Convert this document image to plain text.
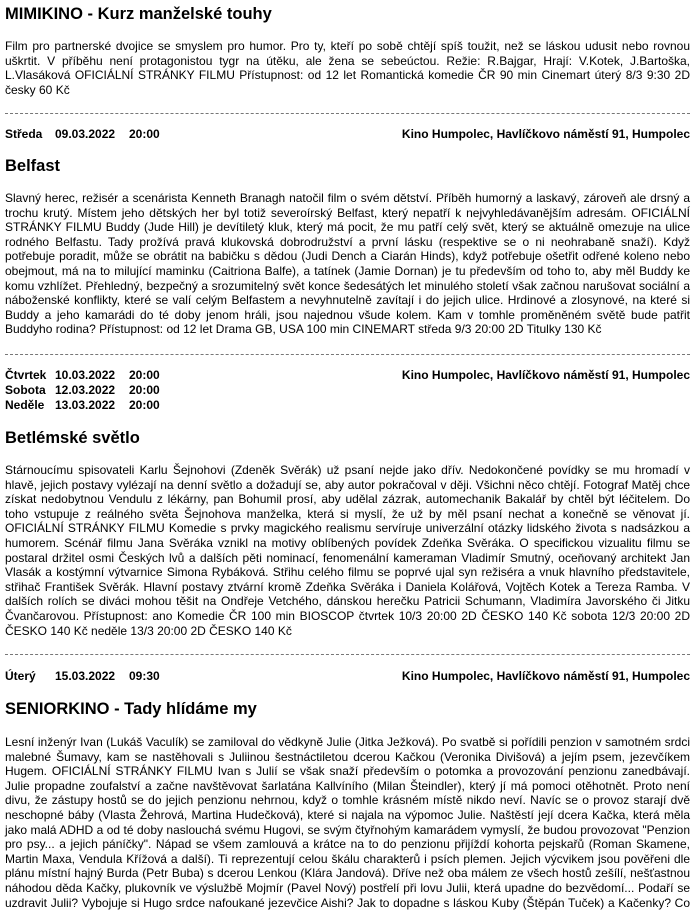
MIMIKINO - Kurz manželské touhy
Film pro partnerské dvojice se smyslem pro humor. Pro ty, kteří po sobě chtějí spíš toužit, než se láskou udusit nebo rovnou
uškrtit. V příběhu není protagonistou tygr na útěku, ale žena se sebeúctou. Režie: R.Bajgar, Hrají: V.Kotek, J.Bartoška,
L.Vlasáková OFICIÁLNÍ STRÁNKY FILMU Přístupnost: od 12 let Romantická komedie ČR 90 min Cinemart úterý 8/3 9:30 2D
česky 60 Kč
Středa 09.03.2022 20:00	Kino Humpolec, Havlíčkovo náměstí 91, Humpolec
Belfast
Slavný herec, režisér a scenárista Kenneth Branagh natočil film o svém dětství. Příběh humorný a laskavý, zároveň ale drsný a
trochu krutý. Místem jeho dětských her byl totiž severoírský Belfast, který nepatří k nejvyhledávanějším adresám. OFICIÁLNÍ
STRÁNKY FILMU Buddy (Jude Hill) je devítiletý kluk, který má pocit, že mu patří celý svět, který se aktuálně omezuje na ulice
rodného Belfastu. Tady prožívá pravá klukovská dobrodružství a první lásku (respektive se o ni neohrabaně snaží). Když
potřebuje poradit, může se obrátit na babičku s dědou (Judi Dench a Ciarán Hinds), když potřebuje ošetřit odřené koleno nebo
obejmout, má na to milující maminku (Caitriona Balfe), a tatínek (Jamie Dornan) je tu především od toho to, aby měl Buddy ke
komu vzhlížet. Přehledný, bezpečný a srozumitelný svět konce šedesátých let minulého století však začnou narušovat sociální a
náboženské konflikty, které se valí celým Belfastem a nevyhnutelně zavítají i do jejich ulice. Hrdinové a zlosynové, na které si
Buddy a jeho kamarádi do té doby jenom hráli, jsou najednou všude kolem. Kam v tomhle proměněném světě bude patřit
Buddyho rodina? Přístupnost: od 12 let Drama GB, USA 100 min CINEMART středa 9/3 20:00 2D Titulky 130 Kč
Čtvrtek 10.03.2022 20:00
Sobota 12.03.2022 20:00
Neděle 13.03.2022 20:00
Kino Humpolec, Havlíčkovo náměstí 91, Humpolec
Betlémské světlo
Stárnoucímu spisovateli Karlu Šejnohovi (Zdeněk Svěrák) už psaní nejde jako dřív. Nedokončené povídky se mu hromadí v
hlavě, jejich postavy vylézají na denní světlo a dožadují se, aby autor pokračoval v ději. Všichni něco chtějí. Fotograf Matěj chce
získat nedobytnou Vendulu z lékárny, pan Bohumil prosí, aby udělal zázrak, automechanik Bakalář by chtěl být léčitelem. Do
toho vstupuje z reálného světa Šejnohova manželka, která si myslí, že už by měl psaní nechat a konečně se věnovat jí.
OFICIÁLNÍ STRÁNKY FILMU Komedie s prvky magického realismu servíruje univerzální otázky lidského života s nadsázkou a
humorem. Scénář filmu Jana Svěráka vznikl na motivy oblíbených povídek Zdeňka Svěráka. O specifickou vizualitu filmu se
postaral držitel osmi Českých lvů a dalších pěti nominací, fenomenální kameraman Vladimír Smutný, oceňovaný architekt Jan
Vlasák a kostýmní výtvarnice Simona Rybáková. Střihu celého filmu se poprvé ujal syn režiséra a vnuk hlavního představitele,
střihač František Svěrák. Hlavní postavy ztvární kromě Zdeňka Svěráka i Daniela Kolářová, Vojtěch Kotek a Tereza Ramba. V
dalších rolích se diváci mohou těšit na Ondřeje Vetchého, dánskou herečku Patricii Schumann, Vladimíra Javorského či Jitku
Čvančarovou. Přístupnost: ano Komedie ČR 100 min BIOSCOP čtvrtek 10/3 20:00 2D ČESKO 140 Kč sobota 12/3 20:00 2D
ČESKO 140 Kč neděle 13/3 20:00 2D ČESKO 140 Kč
Úterý 15.03.2022 09:30	Kino Humpolec, Havlíčkovo náměstí 91, Humpolec
SENIORKINO - Tady hlídáme my
Lesní inženýr Ivan (Lukáš Vaculík) se zamiloval do vědkyně Julie (Jitka Ježková). Po svatbě si pořídili penzion v samotném srdci
malebné Šumavy, kam se nastěhovali s Juliinou šestnáctiletou dcerou Kačkou (Veronika Divišová) a jejím psem, jezevčíkem
Hugem. OFICIÁLNÍ STRÁNKY FILMU Ivan s Julií se však snaží především o potomka a provozování penzionu zanedbávají.
Julie propadne zoufalství a začne navštěvovat šarlatána Kallvíního (Milan Šteindler), který jí má pomoci otěhotnět. Proto není
divu, že zástupy hostů se do jejich penzionu nehrnou, když o tomhle krásném místě nikdo neví. Navíc se o provoz starají dvě
neschopné báby (Vlasta Žehrová, Martina Hudečková), které si najala na výpomoc Julie. Naštěstí její dcera Kačka, která měla
jako malá ADHD a od té doby naslouchá svému Hugovi, se svým čtyřnohým kamarádem vymyslí, že budou provozovat "Penzion
pro psy... a jejich páníčky". Nápad se všem zamlouvá a krátce na to do penzionu přijíždí kohorta pejskařů (Roman Skamene,
Martin Maxa, Vendula Křížová a další). Ti reprezentují celou škálu charakterů i psích plemen. Jejich výcvikem jsou pověřeni dle
plánu místní hajný Burda (Petr Buba) s dcerou Lenkou (Klára Jandová). Dříve než oba málem ze všech hostů zešílí, nešťastnou
náhodou děda Kačky, plukovník ve výslužbě Mojmír (Pavel Nový) postřelí při lovu Julii, která upadne do bezvědomí... Podaří se
uzdravit Julii? Vybojuje si Hugo srdce nafoukané jezevčice Aishi? Jak to dopadne s láskou Kuby (Štěpán Tuček) a Kačenky? Co
